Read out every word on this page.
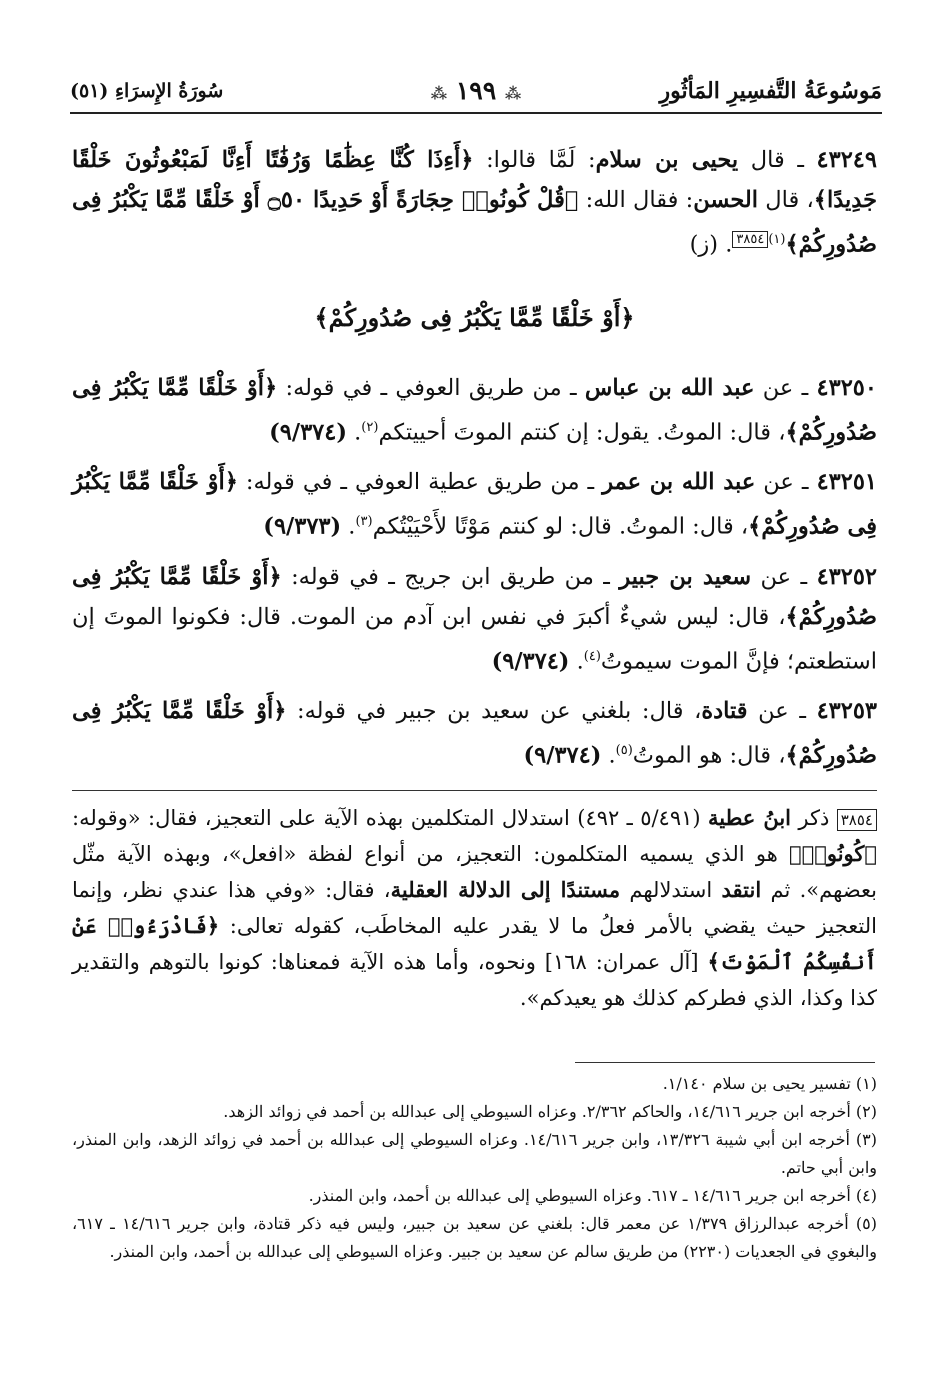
مَوسُوعَةُ التَّفسِيرِ المَأثُورِ
⁂ ١٩٩ ⁂
سُورَةُ الإِسرَاءِ (٥١)

٤٣٢٤٩ ـ قال يحيى بن سلام: لَمَّا قالوا: ﴿أَءِذَا كُنَّا عِظَٰمًا وَرُفَٰتًا أَءِنَّا لَمَبْعُوثُونَ خَلْقًا جَدِيدًا﴾، قال الحسن: فقال الله: ﴿قُلْ كُونُوا۟ حِجَارَةً أَوْ حَدِيدًا ۝٥٠ أَوْ خَلْقًا مِّمَّا يَكْبُرُ فِى صُدُورِكُمْ﴾$^{(١)}$٣٨٥٤. (ز)

﴿أَوْ خَلْقًا مِّمَّا يَكْبُرُ فِى صُدُورِكُمْ﴾

٤٣٢٥٠ ـ عن عبد الله بن عباس ـ من طريق العوفي ـ في قوله: ﴿أَوْ خَلْقًا مِّمَّا يَكْبُرُ فِى صُدُورِكُمْ﴾، قال: الموتُ. يقول: إن كنتم الموتَ أحييتكم$^{(٢)}$. (٩/٣٧٤)

٤٣٢٥١ ـ عن عبد الله بن عمر ـ من طريق عطية العوفي ـ في قوله: ﴿أَوْ خَلْقًا مِّمَّا يَكْبُرُ فِى صُدُورِكُمْ﴾، قال: الموتُ. قال: لو كنتم مَوْتًا لأَحْيَيْتُكم$^{(٣)}$. (٩/٣٧٣)

٤٣٢٥٢ ـ عن سعيد بن جبير ـ من طريق ابن جريج ـ في قوله: ﴿أَوْ خَلْقًا مِّمَّا يَكْبُرُ فِى صُدُورِكُمْ﴾، قال: ليس شيءٌ أكبرَ في نفس ابن آدم من الموت. قال: فكونوا الموتَ إن استطعتم؛ فإنَّ الموت سيموتُ$^{(٤)}$. (٩/٣٧٤)

٤٣٢٥٣ ـ عن قتادة، قال: بلغني عن سعيد بن جبير في قوله: ﴿أَوْ خَلْقًا مِّمَّا يَكْبُرُ فِى صُدُورِكُمْ﴾، قال: هو الموتُ$^{(٥)}$. (٩/٣٧٤)

٣٨٥٤ ذكر ابنُ عطية (٥/٤٩١ ـ ٤٩٢) استدلال المتكلمين بهذه الآية على التعجيز، فقال: «وقوله: ﴿كُونُوا۟﴾ هو الذي يسميه المتكلمون: التعجيز، من أنواع لفظة «افعل»، وبهذه الآية مثّل بعضهم». ثم انتقد استدلالهم مستندًا إلى الدلالة العقلية، فقال: «وفي هذا عندي نظر، وإنما التعجيز حيث يقضي بالأمر فعلُ ما لا يقدر عليه المخاطَب، كقوله تعالى: ﴿فَادْرَءُوا۟ عَنْ أَنفُسِكُمُ ٱلْمَوْتَ﴾ [آل عمران: ١٦٨] ونحوه، وأما هذه الآية فمعناها: كونوا بالتوهم والتقدير كذا وكذا، الذي فطركم كذلك هو يعيدكم».

(١) تفسير يحيى بن سلام ١/١٤٠.

(٢) أخرجه ابن جرير ١٤/٦١٦، والحاكم ٢/٣٦٢. وعزاه السيوطي إلى عبدالله بن أحمد في زوائد الزهد.

(٣) أخرجه ابن أبي شيبة ١٣/٣٢٦، وابن جرير ١٤/٦١٦. وعزاه السيوطي إلى عبدالله بن أحمد في زوائد الزهد، وابن المنذر، وابن أبي حاتم.

(٤) أخرجه ابن جرير ١٤/٦١٦ ـ ٦١٧. وعزاه السيوطي إلى عبدالله بن أحمد، وابن المنذر.

(٥) أخرجه عبدالرزاق ١/٣٧٩ عن معمر قال: بلغني عن سعيد بن جبير، وليس فيه ذكر قتادة، وابن جرير ١٤/٦١٦ ـ ٦١٧، والبغوي في الجعديات (٢٢٣٠) من طريق سالم عن سعيد بن جبير. وعزاه السيوطي إلى عبدالله بن أحمد، وابن المنذر.
